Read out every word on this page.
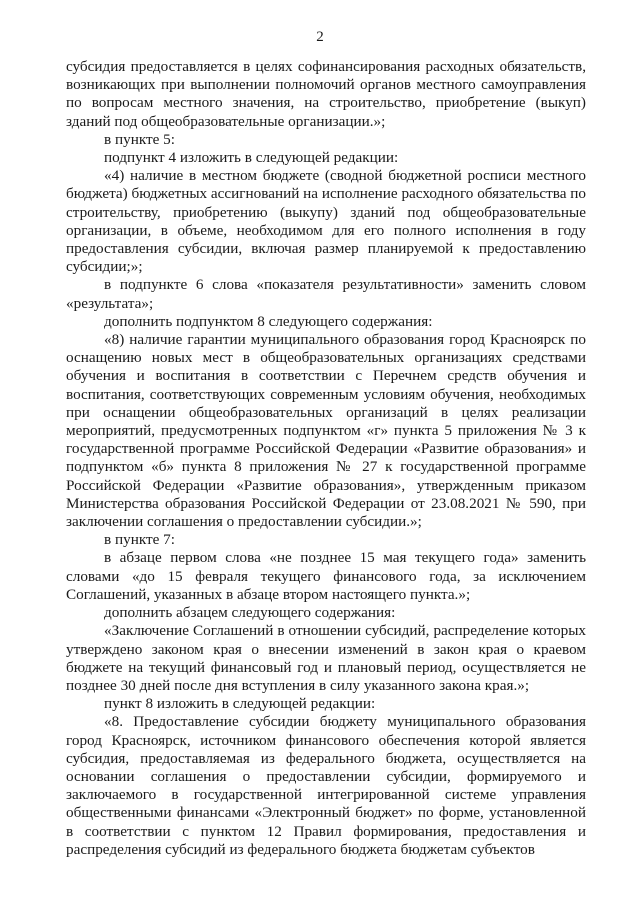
2

субсидия предоставляется в целях софинансирования расходных обязательств, возникающих при выполнении полномочий органов местного самоуправления по вопросам местного значения, на строительство, приобретение (выкуп) зданий под общеобразовательные организации.»;

в пункте 5:

подпункт 4 изложить в следующей редакции:

«4) наличие в местном бюджете (сводной бюджетной росписи местного бюджета) бюджетных ассигнований на исполнение расходного обязательства по строительству, приобретению (выкупу) зданий под общеобразовательные организации, в объеме, необходимом для его полного исполнения в году предоставления субсидии, включая размер планируемой к предоставлению субсидии;»;

в подпункте 6 слова «показателя результативности» заменить словом «результата»;

дополнить подпунктом 8 следующего содержания:

«8) наличие гарантии муниципального образования город Красноярск по оснащению новых мест в общеобразовательных организациях средствами обучения и воспитания в соответствии с Перечнем средств обучения и воспитания, соответствующих современным условиям обучения, необходимых при оснащении общеобразовательных организаций в целях реализации мероприятий, предусмотренных подпунктом «г» пункта 5 приложения № 3 к государственной программе Российской Федерации «Развитие образования» и подпунктом «б» пункта 8 приложения № 27 к государственной программе Российской Федерации «Развитие образования», утвержденным приказом Министерства образования Российской Федерации от 23.08.2021 № 590, при заключении соглашения о предоставлении субсидии.»;

в пункте 7:

в абзаце первом слова «не позднее 15 мая текущего года» заменить словами «до 15 февраля текущего финансового года, за исключением Соглашений, указанных в абзаце втором настоящего пункта.»;

дополнить абзацем следующего содержания:

«Заключение Соглашений в отношении субсидий, распределение которых утверждено законом края о внесении изменений в закон края о краевом бюджете на текущий финансовый год и плановый период, осуществляется не позднее 30 дней после дня вступления в силу указанного закона края.»;

пункт 8 изложить в следующей редакции:

«8. Предоставление субсидии бюджету муниципального образования город Красноярск, источником финансового обеспечения которой является субсидия, предоставляемая из федерального бюджета, осуществляется на основании соглашения о предоставлении субсидии, формируемого и заключаемого в государственной интегрированной системе управления общественными финансами «Электронный бюджет» по форме, установленной в соответствии с пунктом 12 Правил формирования, предоставления и распределения субсидий из федерального бюджета бюджетам субъектов
